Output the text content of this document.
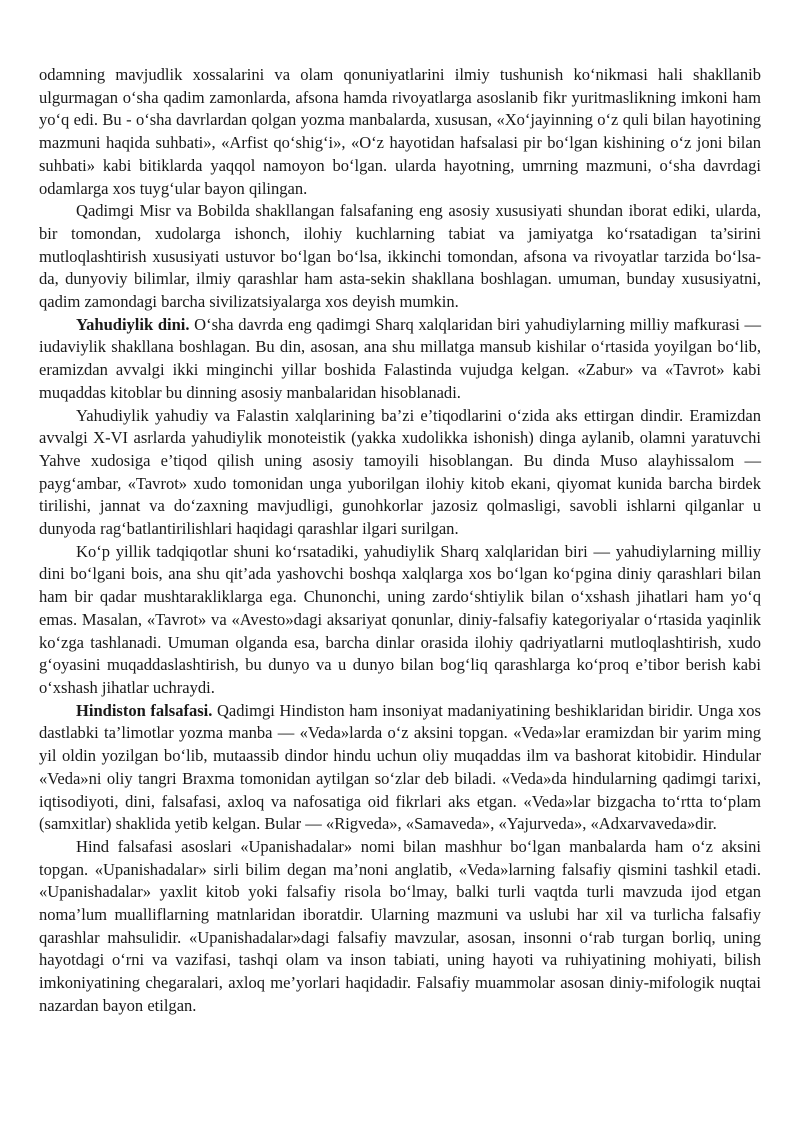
odamning mavjudlik xossalarini va olam qonuniyatlarini ilmiy tushunish ko‘nikmasi hali shakllanib ulgurmagan o‘sha qadim zamonlarda, afsona hamda rivoyatlarga asoslanib fikr yuritmaslikning imkoni ham yo‘q edi. Bu - o‘sha davrlardan qolgan yozma manbalarda, xususan, «Xo‘jayinning o‘z quli bilan hayotining mazmuni haqida suhbati», «Arfist qo‘shig‘i», «O‘z hayotidan hafsalasi pir bo‘lgan kishining o‘z joni bilan suhbati» kabi bitiklarda yaqqol namoyon bo‘lgan. ularda hayotning, umrning mazmuni, o‘sha davrdagi odamlarga xos tuyg‘ular bayon qilingan.

Qadimgi Misr va Bobilda shakllangan falsafaning eng asosiy xususiyati shundan iborat ediki, ularda, bir tomondan, xudolarga ishonch, ilohiy kuchlarning tabiat va jamiyatga ko‘rsatadigan ta’sirini mutloqlashtirish xususiyati ustuvor bo‘lgan bo‘lsa, ikkinchi tomondan, afsona va rivoyatlar tarzida bo‘lsa-da, dunyoviy bilimlar, ilmiy qarashlar ham asta-sekin shakllana boshlagan. umuman, bunday xususiyatni, qadim zamondagi barcha sivilizatsiyalarga xos deyish mumkin.

Yahudiylik dini. O‘sha davrda eng qadimgi Sharq xalqlaridan biri yahudiylarning milliy mafkurasi — iudaviylik shakllana boshlagan. Bu din, asosan, ana shu millatga mansub kishilar o‘rtasida yoyilgan bo‘lib, eramizdan avvalgi ikki minginchi yillar boshida Falastinda vujudga kelgan. «Zabur» va «Tavrot» kabi muqaddas kitoblar bu dinning asosiy manbalaridan hisoblanadi.

Yahudiylik yahudiy va Falastin xalqlarining ba’zi e’tiqodlarini o‘zida aks ettirgan dindir. Eramizdan avvalgi X-VI asrlarda yahudiylik monoteistik (yakka xudolikka ishonish) dinga aylanib, olamni yaratuvchi Yahve xudosiga e’tiqod qilish uning asosiy tamoyili hisoblangan. Bu dinda Muso alayhissalom — payg‘ambar, «Tavrot» xudo tomonidan unga yuborilgan ilohiy kitob ekani, qiyomat kunida barcha birdek tirilishi, jannat va do‘zaxning mavjudligi, gunohkorlar jazosiz qolmasligi, savobli ishlarni qilganlar u dunyoda rag‘batlantirilishlari haqidagi qarashlar ilgari surilgan.

Ko‘p yillik tadqiqotlar shuni ko‘rsatadiki, yahudiylik Sharq xalqlaridan biri — yahudiylarning milliy dini bo‘lgani bois, ana shu qit’ada yashovchi boshqa xalqlarga xos bo‘lgan ko‘pgina diniy qarashlari bilan ham bir qadar mushtarakliklarga ega. Chunonchi, uning zardo‘shtiylik bilan o‘xshash jihatlari ham yo‘q emas. Masalan, «Tavrot» va «Avesto»dagi aksariyat qonunlar, diniy-falsafiy kategoriyalar o‘rtasida yaqinlik ko‘zga tashlanadi. Umuman olganda esa, barcha dinlar orasida ilohiy qadriyatlarni mutloqlashtirish, xudo g‘oyasini muqaddaslashtirish, bu dunyo va u dunyo bilan bog‘liq qarashlarga ko‘proq e’tibor berish kabi o‘xshash jihatlar uchraydi.

Hindiston falsafasi. Qadimgi Hindiston ham insoniyat madaniyatining beshiklaridan biridir. Unga xos dastlabki ta’limotlar yozma manba — «Veda»larda o‘z aksini topgan. «Veda»lar eramizdan bir yarim ming yil oldin yozilgan bo‘lib, mutaassib dindor hindu uchun oliy muqaddas ilm va bashorat kitobidir. Hindular «Veda»ni oliy tangri Braxma tomonidan aytilgan so‘zlar deb biladi. «Veda»da hindularning qadimgi tarixi, iqtisodiyoti, dini, falsafasi, axloq va nafosatiga oid fikrlari aks etgan. «Veda»lar bizgacha to‘rtta to‘plam (samxitlar) shaklida yetib kelgan. Bular — «Rigveda», «Samaveda», «Yajurveda», «Adxarvaveda»dir.

Hind falsafasi asoslari «Upanishadalar» nomi bilan mashhur bo‘lgan manbalarda ham o‘z aksini topgan. «Upanishadalar» sirli bilim degan ma’noni anglatib, «Veda»larning falsafiy qismini tashkil etadi. «Upanishadalar» yaxlit kitob yoki falsafiy risola bo‘lmay, balki turli vaqtda turli mavzuda ijod etgan noma’lum mualliflarning matnlaridan iboratdir. Ularning mazmuni va uslubi har xil va turlicha falsafiy qarashlar mahsulidir. «Upanishadalar»dagi falsafiy mavzular, asosan, insonni o‘rab turgan borliq, uning hayotdagi o‘rni va vazifasi, tashqi olam va inson tabiati, uning hayoti va ruhiyatining mohiyati, bilish imkoniyatining chegaralari, axloq me’yorlari haqidadir. Falsafiy muammolar asosan diniy-mifologik nuqtai nazardan bayon etilgan.
